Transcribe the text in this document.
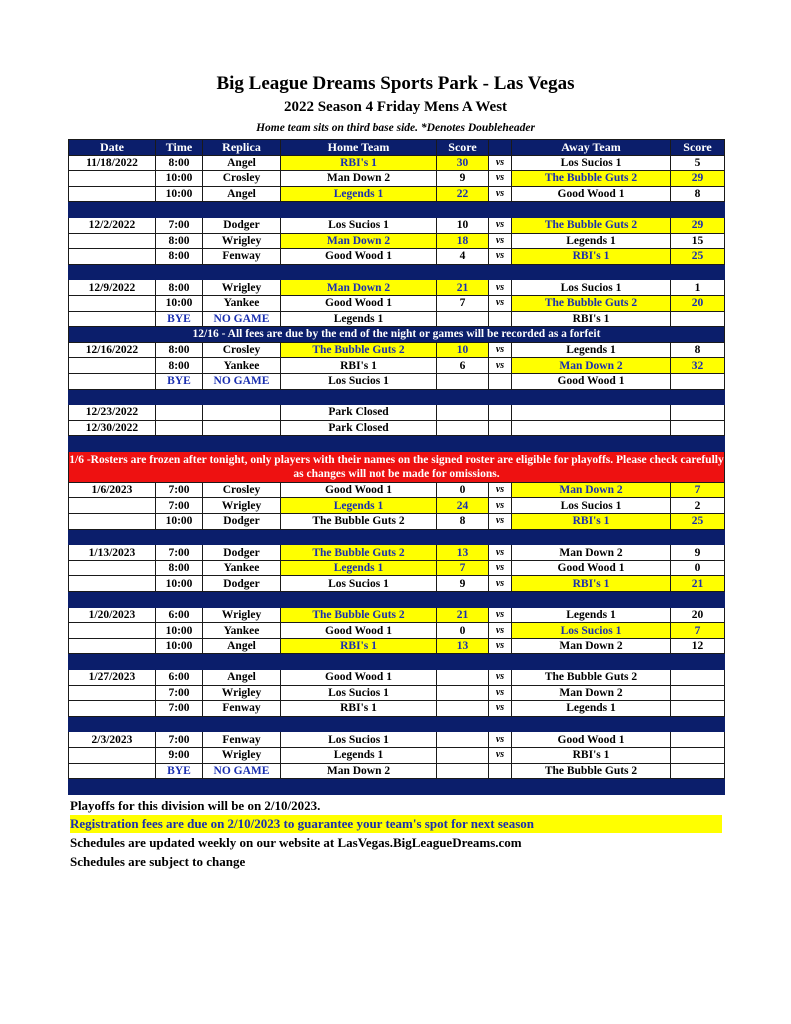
Big League Dreams Sports Park - Las Vegas
2022 Season 4 Friday Mens A West
Home team sits on third base side. *Denotes Doubleheader
Date	Time	Replica	Home Team	Score		Away Team	Score
11/18/2022	8:00	Angel	RBI's 1	30	vs	Los Sucios 1	5
	10:00	Crosley	Man Down 2	9	vs	The Bubble Guts 2	29
	10:00	Angel	Legends 1	22	vs	Good Wood 1	8

12/2/2022	7:00	Dodger	Los Sucios 1	10	vs	The Bubble Guts 2	29
	8:00	Wrigley	Man Down 2	18	vs	Legends 1	15
	8:00	Fenway	Good Wood 1	4	vs	RBI's 1	25

12/9/2022	8:00	Wrigley	Man Down 2	21	vs	Los Sucios 1	1
	10:00	Yankee	Good Wood 1	7	vs	The Bubble Guts 2	20
	BYE	NO GAME	Legends 1			RBI's 1	
12/16 - All fees are due by the end of the night or games will be recorded as a forfeit							
12/16/2022	8:00	Crosley	The Bubble Guts 2	10	vs	Legends 1	8
	8:00	Yankee	RBI's 1	6	vs	Man Down 2	32
	BYE	NO GAME	Los Sucios 1			Good Wood 1	

12/23/2022			Park Closed				
12/30/2022			Park Closed				

1/6 -Rosters are frozen after tonight, only players with their names on the signed roster are eligible for playoffs. Please check carefully as changes will not be made for omissions.							
1/6/2023	7:00	Crosley	Good Wood 1	0	vs	Man Down 2	7
	7:00	Wrigley	Legends 1	24	vs	Los Sucios 1	2
	10:00	Dodger	The Bubble Guts 2	8	vs	RBI's 1	25

1/13/2023	7:00	Dodger	The Bubble Guts 2	13	vs	Man Down 2	9
	8:00	Yankee	Legends 1	7	vs	Good Wood 1	0
	10:00	Dodger	Los Sucios 1	9	vs	RBI's 1	21

1/20/2023	6:00	Wrigley	The Bubble Guts 2	21	vs	Legends 1	20
	10:00	Yankee	Good Wood 1	0	vs	Los Sucios 1	7
	10:00	Angel	RBI's 1	13	vs	Man Down 2	12

1/27/2023	6:00	Angel	Good Wood 1		vs	The Bubble Guts 2	
	7:00	Wrigley	Los Sucios 1		vs	Man Down 2	
	7:00	Fenway	RBI's 1		vs	Legends 1	

2/3/2023	7:00	Fenway	Los Sucios 1		vs	Good Wood 1	
	9:00	Wrigley	Legends 1		vs	RBI's 1	
	BYE	NO GAME	Man Down 2			The Bubble Guts 2	

Playoffs for this division will be on 2/10/2023.
Registration fees are due on 2/10/2023 to guarantee your team's spot for next season
Schedules are updated weekly on our website at LasVegas.BigLeagueDreams.com
Schedules are subject to change
